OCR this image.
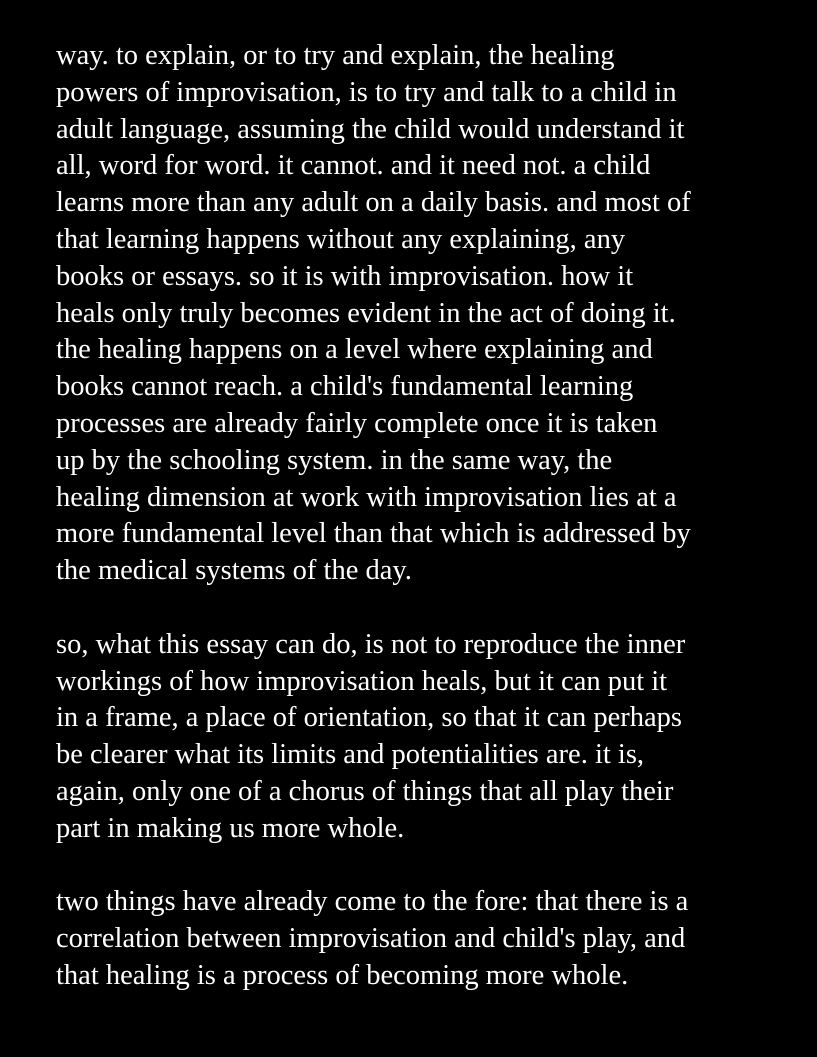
way. to explain, or to try and explain, the healing
powers of improvisation, is to try and talk to a child in
adult language, assuming the child would understand it
all, word for word. it cannot. and it need not. a child
learns more than any adult on a daily basis. and most of
that learning happens without any explaining, any
books or essays. so it is with improvisation. how it
heals only truly becomes evident in the act of doing it.
the healing happens on a level where explaining and
books cannot reach. a child's fundamental learning
processes are already fairly complete once it is taken
up by the schooling system. in the same way, the
healing dimension at work with improvisation lies at a
more fundamental level than that which is addressed by
the medical systems of the day.

so, what this essay can do, is not to reproduce the inner
workings of how improvisation heals, but it can put it
in a frame, a place of orientation, so that it can perhaps
be clearer what its limits and potentialities are. it is,
again, only one of a chorus of things that all play their
part in making us more whole.

two things have already come to the fore: that there is a
correlation between improvisation and child's play, and
that healing is a process of becoming more whole.
